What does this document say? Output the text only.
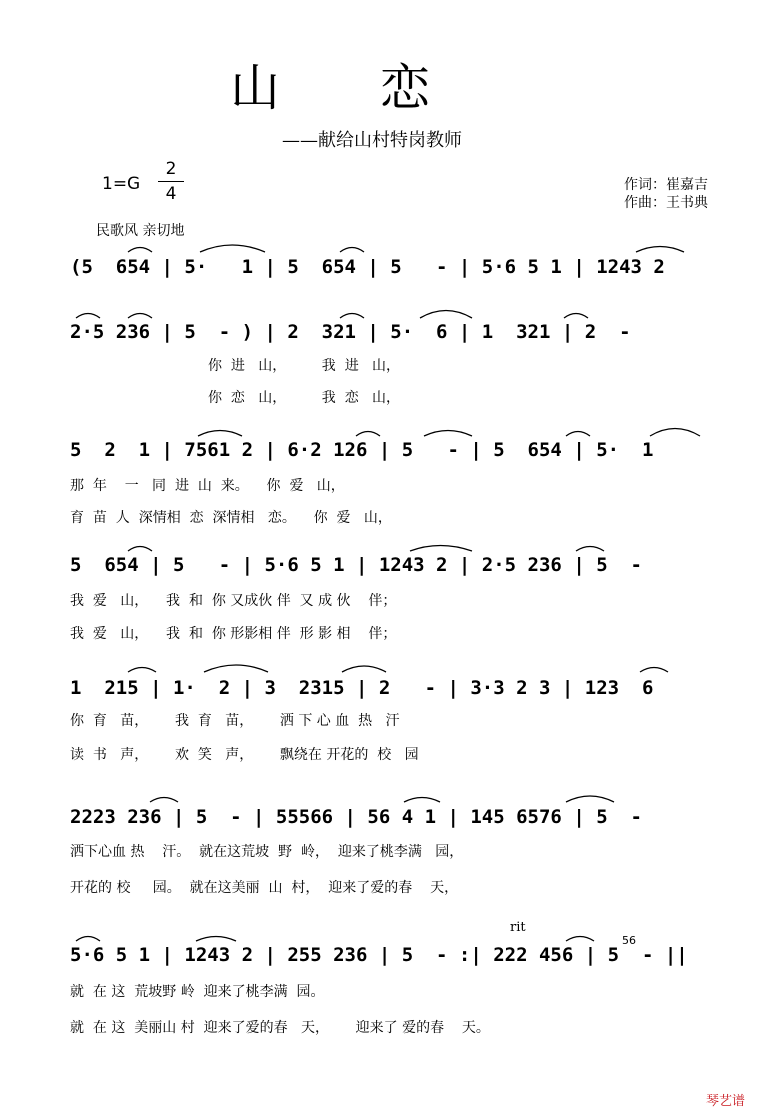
山恋
——献给山村特岗教师
1=G
2
4	作词：崔嘉吉
作曲：王书典
民歌风 亲切地
(5  654 | 5·   1 | 5  654 | 5   - | 5·6 5 1 | 1243 2
2·5 236 | 5  - ) | 2  321 | 5·  6 | 1  321 | 2  -
你  进   山，        我  进   山，
你  恋   山，        我  恋   山，
5  2  1 | 7561 2 | 6·2 126 | 5   - | 5  654 | 5·  1
那  年    一   同  进  山  来。    你  爱   山，
育  苗  人  深情相  恋  深情相   恋。    你  爱   山，
5  654 | 5   - | 5·6 5 1 | 1243 2 | 2·5 236 | 5  -
我  爱   山，    我  和  你 又成伙 伴  又 成 伙    伴；
我  爱   山，    我  和  你 形影相 伴  形 影 相    伴；
1  215 | 1·  2 | 3  2315 | 2   - | 3·3 2 3 | 123  6
你  育   苗，      我  育   苗，      洒 下 心 血  热   汗
读  书   声，      欢  笑   声，      飘绕在 开花的  校   园
2223 236 | 5  - | 55566 | 56 4 1 | 145 6576 | 5  -
洒下心血 热    汗。  就在这荒坡  野  岭，  迎来了桃李满   园，
开花的 校     园。  就在这美丽  山  村，  迎来了爱的春    天，
rit
5·6 5 1 | 1243 2 | 255 236 | 5  - :| 222 456 | 5  - ||
就  在 这  荒坡野 岭  迎来了桃李满  园。
就  在 这  美丽山 村  迎来了爱的春   天，      迎来了 爱的春    天。
56
琴艺谱
